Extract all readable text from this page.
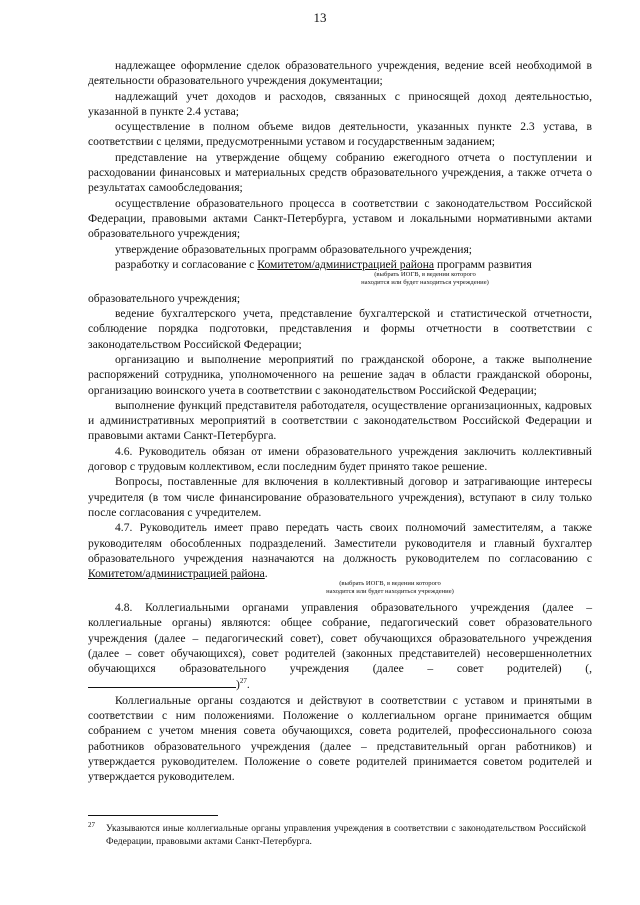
13

надлежащее оформление сделок образовательного учреждения, ведение всей необходимой в деятельности образовательного учреждения документации;

надлежащий учет доходов и расходов, связанных с приносящей доход деятельностью, указанной в пункте 2.4 устава;

осуществление в полном объеме видов деятельности, указанных пункте 2.3 устава, в соответствии с целями, предусмотренными уставом и государственным заданием;

представление на утверждение общему собранию ежегодного отчета о поступлении и расходовании финансовых и материальных средств образовательного учреждения, а также отчета о результатах самообследования;

осуществление образовательного процесса в соответствии с законодательством Российской Федерации, правовыми актами Санкт-Петербурга, уставом и локальными нормативными актами образовательного учреждения;

утверждение образовательных программ образовательного учреждения;

разработку и согласование с Комитетом/администрацией района программ развития

(выбрать ИОГВ, в ведении которого
находится или будет находиться учреждение)

образовательного учреждения;

ведение бухгалтерского учета, представление бухгалтерской и статистической отчетности, соблюдение порядка подготовки, представления и формы отчетности в соответствии с законодательством Российской Федерации;

организацию и выполнение мероприятий по гражданской обороне, а также выполнение распоряжений сотрудника, уполномоченного на решение задач в области гражданской обороны, организацию воинского учета в соответствии с законодательством Российской Федерации;

выполнение функций представителя работодателя, осуществление организационных, кадровых и административных мероприятий в соответствии с законодательством Российской Федерации и правовыми актами Санкт-Петербурга.

4.6. Руководитель обязан от имени образовательного учреждения заключить коллективный договор с трудовым коллективом, если последним будет принято такое решение.

Вопросы, поставленные для включения в коллективный договор и затрагивающие интересы учредителя (в том числе финансирование образовательного учреждения), вступают в силу только после согласования с учредителем.

4.7. Руководитель имеет право передать часть своих полномочий заместителям, а также руководителям обособленных подразделений. Заместители руководителя и главный бухгалтер образовательного учреждения назначаются на должность руководителем по согласованию с Комитетом/администрацией района.

(выбрать ИОГВ, в ведении которого
находится или будет находиться учреждение)

4.8. Коллегиальными органами управления образовательного учреждения (далее – коллегиальные органы) являются: общее собрание, педагогический совет образовательного учреждения (далее – педагогический совет), совет обучающихся образовательного учреждения (далее – совет обучающихся), совет родителей (законных представителей) несовершеннолетних обучающихся образовательного учреждения (далее – совет родителей) (,)$^{27}$.

Коллегиальные органы создаются и действуют в соответствии с уставом и принятыми в соответствии с ним положениями. Положение о коллегиальном органе принимается общим собранием с учетом мнения совета обучающихся, совета родителей, профессионального союза работников образовательного учреждения (далее – представительный орган работников) и утверждается руководителем. Положение о совете родителей принимается советом родителей и утверждается руководителем.

$^{27}$ Указываются иные коллегиальные органы управления учреждения в соответствии с законодательством Российской Федерации, правовыми актами Санкт-Петербурга.
